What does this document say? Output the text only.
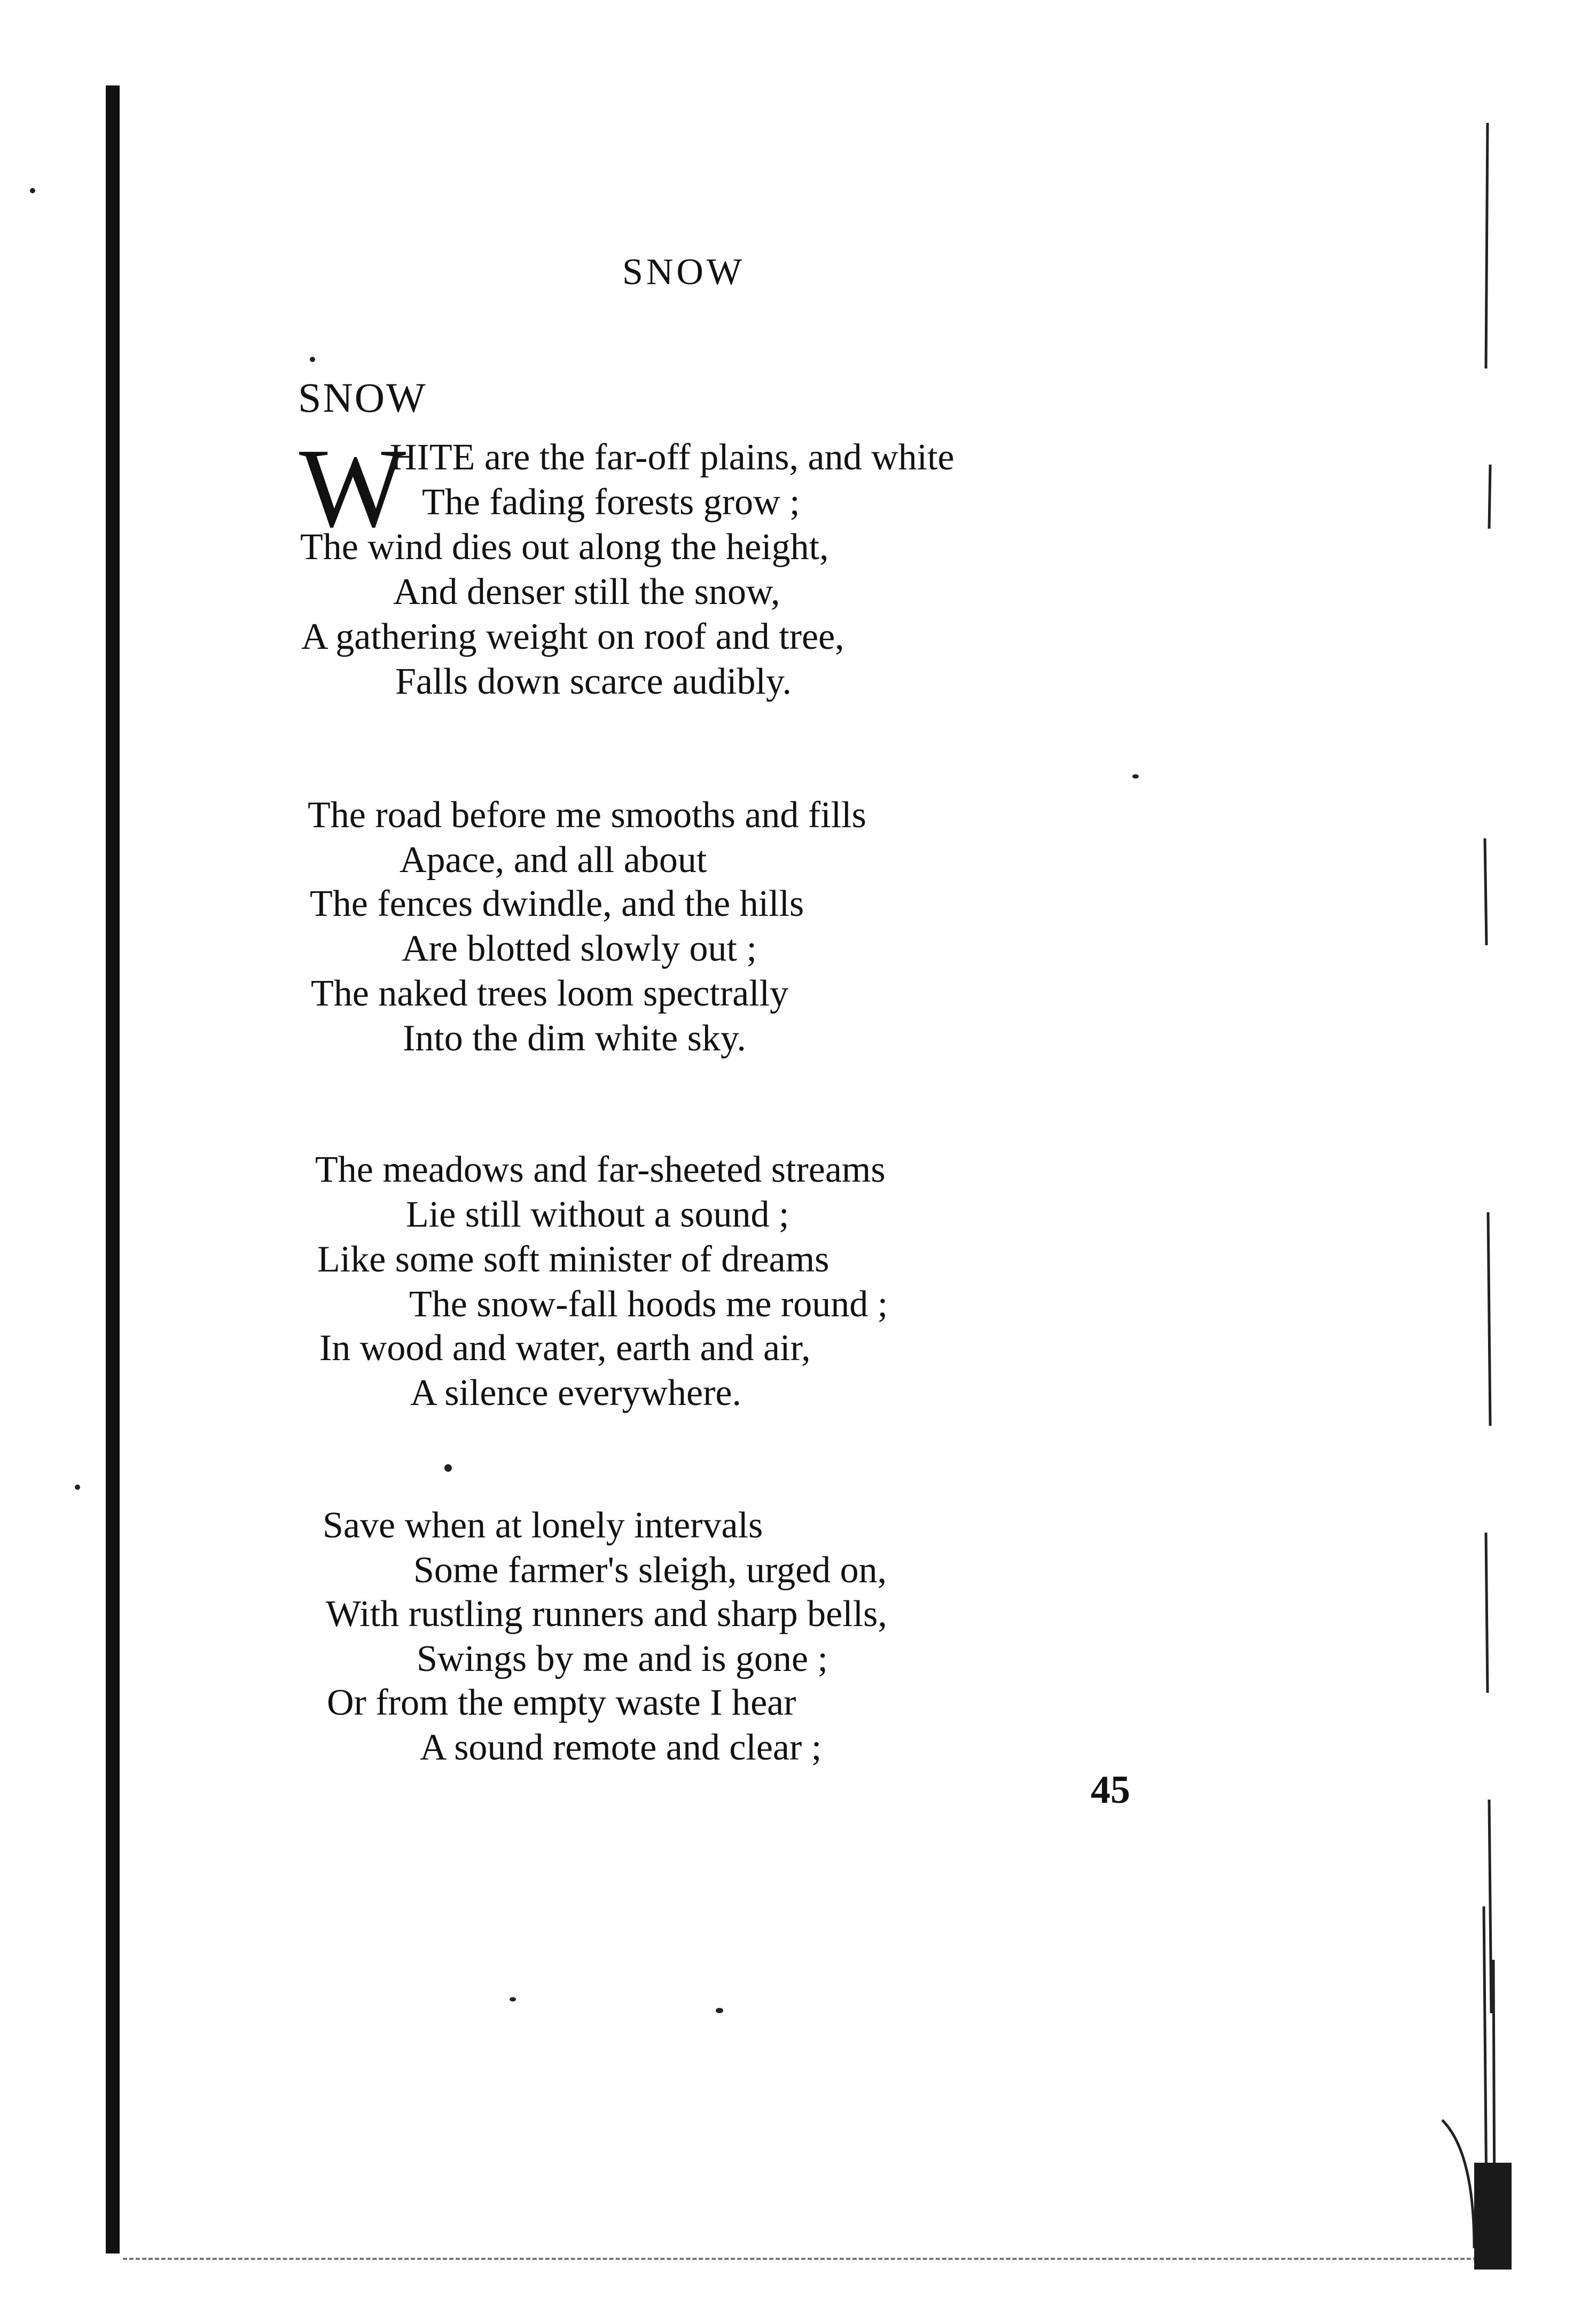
SNOW
SNOW
W
HITE are the far-off plains, and white
The fading forests grow ;
The wind dies out along the height,
And denser still the snow,
A gathering weight on roof and tree,
Falls down scarce audibly.
The road before me smooths and fills
Apace, and all about
The fences dwindle, and the hills
Are blotted slowly out ;
The naked trees loom spectrally
Into the dim white sky.
The meadows and far-sheeted streams
Lie still without a sound ;
Like some soft minister of dreams
The snow-fall hoods me round ;
In wood and water, earth and air,
A silence everywhere.
Save when at lonely intervals
Some farmer's sleigh, urged on,
With rustling runners and sharp bells,
Swings by me and is gone ;
Or from the empty waste I hear
A sound remote and clear ;
45
